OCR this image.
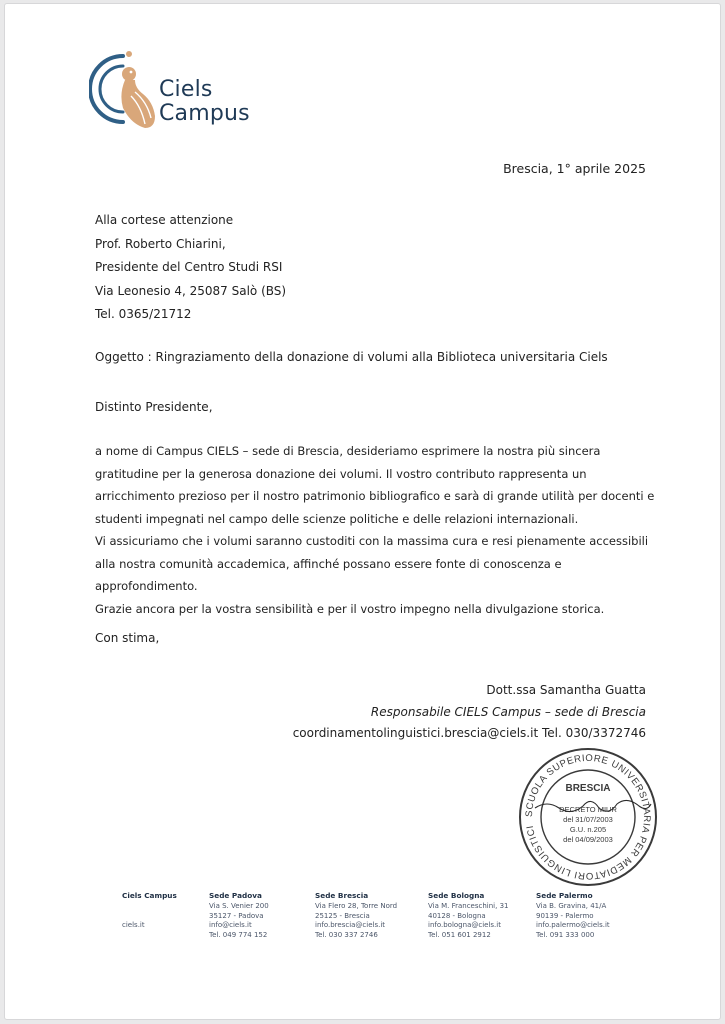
Ciels
Campus
Brescia, 1° aprile 2025
Alla cortese attenzione
Prof. Roberto Chiarini,
Presidente del Centro Studi RSI
Via Leonesio 4, 25087 Salò (BS)
Tel. 0365/21712
Oggetto : Ringraziamento della donazione di volumi alla Biblioteca universitaria Ciels
Distinto Presidente,

a nome di Campus CIELS – sede di Brescia, desideriamo esprimere la nostra più sincera gratitudine per la generosa donazione dei volumi. Il vostro contributo rappresenta un arricchimento prezioso per il nostro patrimonio bibliografico e sarà di grande utilità per docenti e studenti impegnati nel campo delle scienze politiche e delle relazioni internazionali.

Vi assicuriamo che i volumi saranno custoditi con la massima cura e resi pienamente accessibili alla nostra comunità accademica, affinché possano essere fonte di conoscenza e approfondimento.

Grazie ancora per la vostra sensibilità e per il vostro impegno nella divulgazione storica.

Con stima,
Dott.ssa Samantha Guatta
Responsabile CIELS Campus – sede di Brescia
coordinamentolinguistici.brescia@ciels.it Tel. 030/3372746
SCUOLA SUPERIORE UNIVERSITARIA PER MEDIATORI LINGUISTICI
BRESCIA
DECRETO MIUR
del 31/07/2003
G.U. n.205
del 04/09/2003
Ciels Campus

ciels.it
Sede Padova
Via S. Venier 200
35127 - Padova
info@ciels.it
Tel. 049 774 152
Sede Brescia
Via Flero 28, Torre Nord
25125 - Brescia
info.brescia@ciels.it
Tel. 030 337 2746
Sede Bologna
Via M. Franceschini, 31
40128 - Bologna
info.bologna@ciels.it
Tel. 051 601 2912
Sede Palermo
Via B. Gravina, 41/A
90139 - Palermo
info.palermo@ciels.it
Tel. 091 333 000
